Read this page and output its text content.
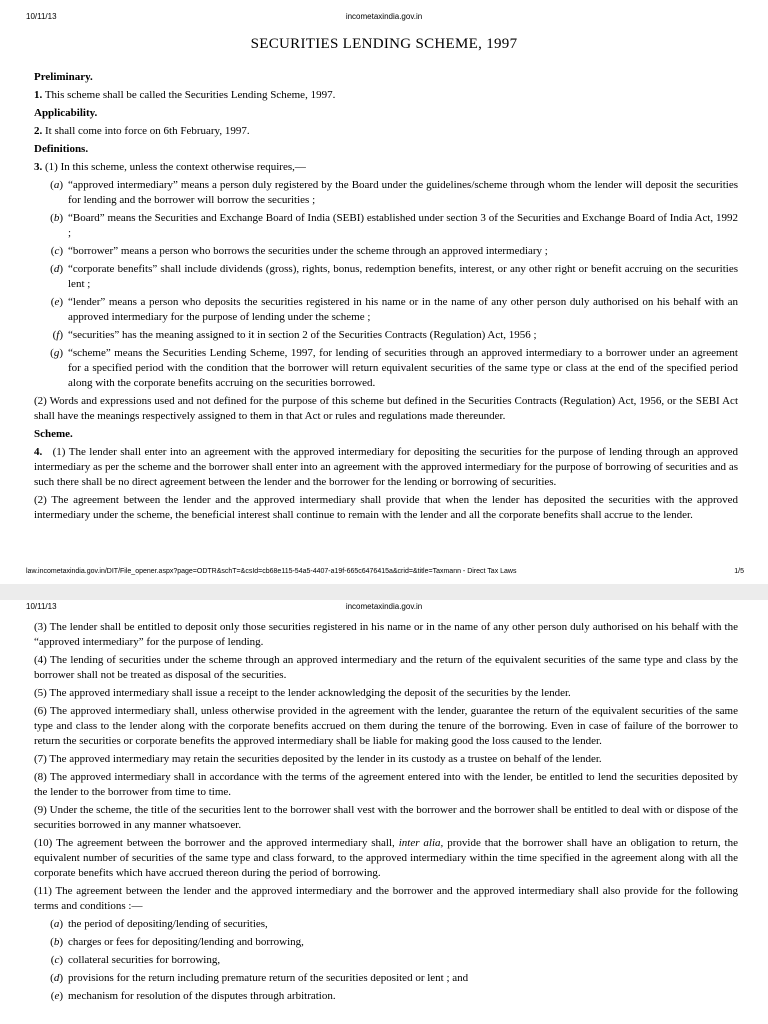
10/11/13	incometaxindia.gov.in
SECURITIES LENDING SCHEME, 1997
Preliminary.

1. This scheme shall be called the Securities Lending Scheme, 1997.

Applicability.

2. It shall come into force on 6th February, 1997.

Definitions.

3. (1) In this scheme, unless the context otherwise requires,—

( a ) “approved intermediary” means a person duly registered by the Board under the guidelines/scheme through whom the lender will deposit the securities for lending and the borrower will borrow the securities ;
( b ) “Board” means the Securities and Exchange Board of India (SEBI) established under section 3 of the Securities and Exchange Board of India Act, 1992 ;
( c ) “borrower” means a person who borrows the securities under the scheme through an approved intermediary ;
( d ) “corporate benefits” shall include dividends (gross), rights, bonus, redemption benefits, interest, or any other right or benefit accruing on the securities lent ;
( e ) “lender” means a person who deposits the securities registered in his name or in the name of any other person duly authorised on his behalf with an approved intermediary for the purpose of lending under the scheme ;
( f ) “securities” has the meaning assigned to it in section 2 of the Securities Contracts (Regulation) Act, 1956 ;
( g ) “scheme” means the Securities Lending Scheme, 1997, for lending of securities through an approved intermediary to a borrower under an agreement for a specified period with the condition that the borrower will return equivalent securities of the same type or class at the end of the specified period along with the corporate benefits accruing on the securities borrowed.

(2) Words and expressions used and not defined for the purpose of this scheme but defined in the Securities Contracts (Regulation) Act, 1956, or the SEBI Act shall have the meanings respectively assigned to them in that Act or rules and regulations made thereunder.

Scheme.

4. (1) The lender shall enter into an agreement with the approved intermediary for depositing the securities for the purpose of lending through an approved intermediary as per the scheme and the borrower shall enter into an agreement with the approved intermediary for the purpose of borrowing of securities and as such there shall be no direct agreement between the lender and the borrower for the lending or borrowing of securities.

(2) The agreement between the lender and the approved intermediary shall provide that when the lender has deposited the securities with the approved intermediary under the scheme, the beneficial interest shall continue to remain with the lender and all the corporate benefits shall accrue to the lender.

law.incometaxindia.gov.in/DIT/File_opener.aspx?page=ODTR&schT=&csId=cb68e115-54a5-4407-a19f-665c6476415a&crid=&title=Taxmann - Direct Tax Laws	1/5
10/11/13	incometaxindia.gov.in

(3) The lender shall be entitled to deposit only those securities registered in his name or in the name of any other person duly authorised on his behalf with the “approved intermediary” for the purpose of lending.

(4) The lending of securities under the scheme through an approved intermediary and the return of the equivalent securities of the same type and class by the borrower shall not be treated as disposal of the securities.

(5) The approved intermediary shall issue a receipt to the lender acknowledging the deposit of the securities by the lender.

(6) The approved intermediary shall, unless otherwise provided in the agreement with the lender, guarantee the return of the equivalent securities of the same type and class to the lender along with the corporate benefits accrued on them during the tenure of the borrowing. Even in case of failure of the borrower to return the securities or corporate benefits the approved intermediary shall be liable for making good the loss caused to the lender.

(7) The approved intermediary may retain the securities deposited by the lender in its custody as a trustee on behalf of the lender.

(8) The approved intermediary shall in accordance with the terms of the agreement entered into with the lender, be entitled to lend the securities deposited by the lender to the borrower from time to time.

(9) Under the scheme, the title of the securities lent to the borrower shall vest with the borrower and the borrower shall be entitled to deal with or dispose of the securities borrowed in any manner whatsoever.

(10) The agreement between the borrower and the approved intermediary shall, inter alia, provide that the borrower shall have an obligation to return, the equivalent number of securities of the same type and class forward, to the approved intermediary within the time specified in the agreement along with all the corporate benefits which have accrued thereon during the period of borrowing.

(11) The agreement between the lender and the approved intermediary and the borrower and the approved intermediary shall also provide for the following terms and conditions :—

( a ) the period of depositing/lending of securities,
( b ) charges or fees for depositing/lending and borrowing,
( c ) collateral securities for borrowing,
( d ) provisions for the return including premature return of the securities deposited or lent ; and
( e ) mechanism for resolution of the disputes through arbitration.
